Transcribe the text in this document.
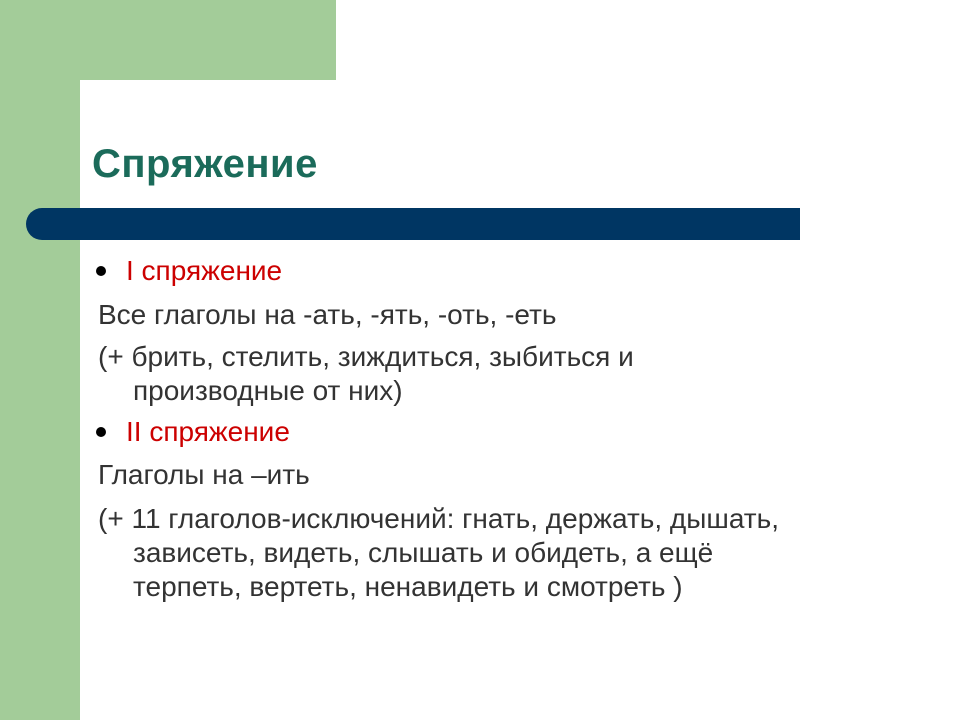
Спряжение
I спряжение
Все глаголы на -ать, -ять, -оть, -еть
(+ брить, стелить, зиждиться, зыбиться и
производные от них)
II спряжение
Глаголы на –ить
(+ 11 глаголов-исключений: гнать, держать, дышать,
зависеть, видеть, слышать и обидеть, а ещё
терпеть, вертеть, ненавидеть и смотреть )
